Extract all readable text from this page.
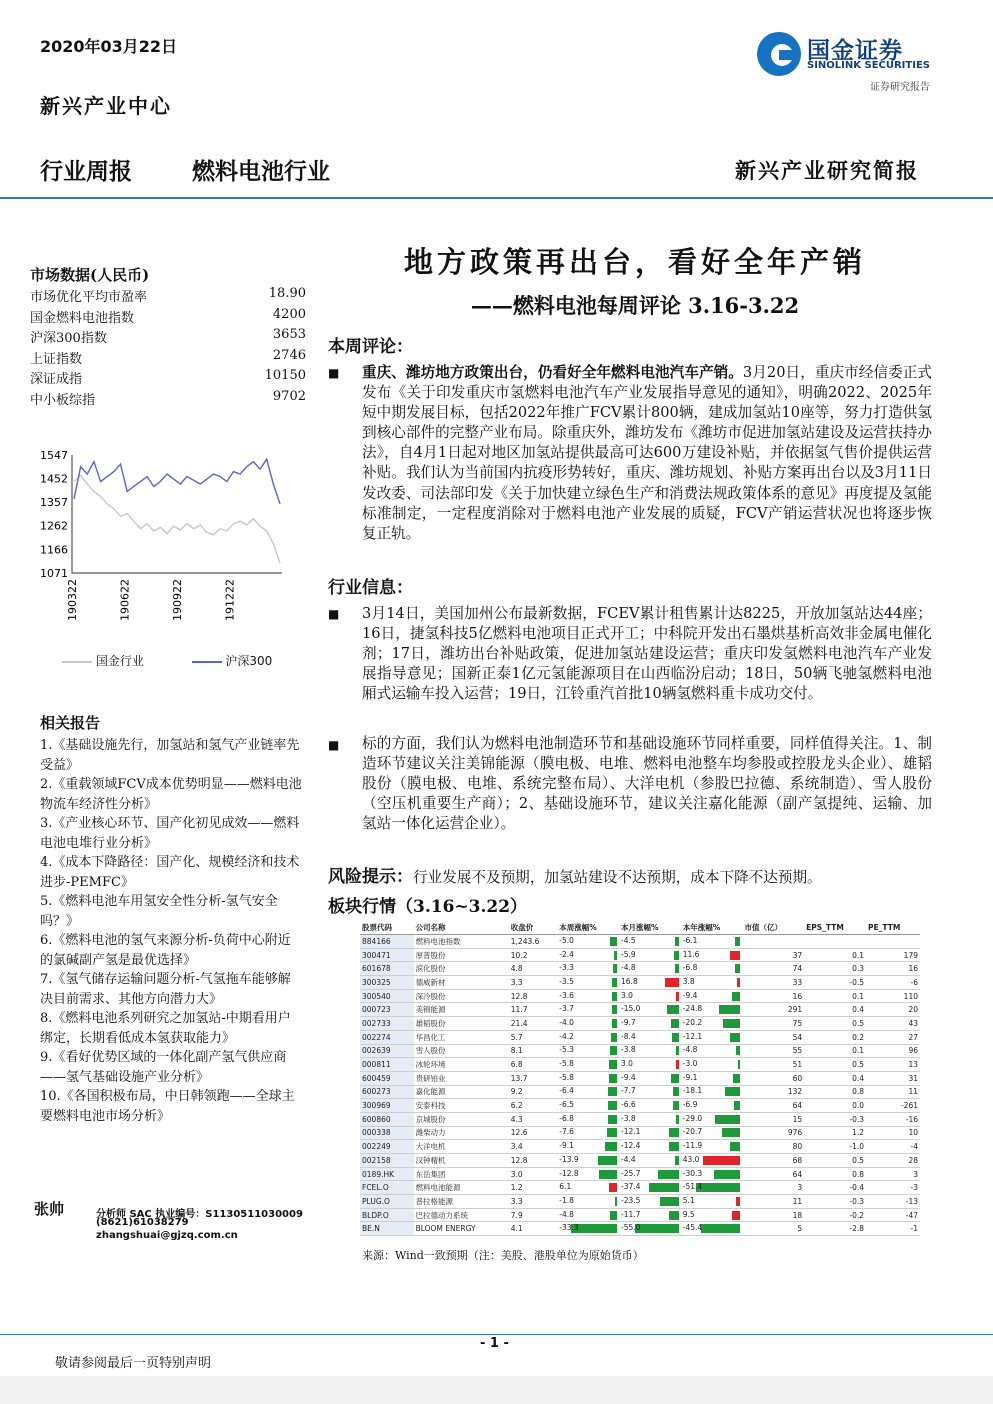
2020年03月22日
新兴产业中心
国金证券
SINOLINK SECURITIES
证券研究报告
行业周报	燃料电池行业	新兴产业研究简报
市场数据(人民币)
市场优化平均市盈率	18.90
国金燃料电池指数	4200
沪深300指数	3653
上证指数	2746
深证成指	10150
中小板综指	9702
1547
1452
1357
1262
1166
1071
190322	190622	190922	191222
国金行业	沪深300
相关报告
1.《基础设施先行，加氢站和氢气产业链率先受益》
2.《重载领域FCV成本优势明显——燃料电池物流车经济性分析》
3.《产业核心环节、国产化初见成效——燃料电池电堆行业分析》
4.《成本下降路径：国产化、规模经济和技术进步-PEMFC》
5.《燃料电池车用氢安全性分析-氢气安全吗？》
6.《燃料电池的氢气来源分析-负荷中心附近的氯碱副产氢是最优选择》
7.《氢气储存运输问题分析-气氢拖车能够解决目前需求、其他方向潜力大》
8.《燃料电池系列研究之加氢站-中期看用户绑定，长期看低成本氢获取能力》
9.《看好优势区域的一体化副产氢气供应商——氢气基础设施产业分析》
10.《各国积极布局，中日韩领跑——全球主要燃料电池市场分析》
张帅	分析师 SAC 执业编号：S1130511030009
(8621)61038279
zhangshuai@gjzq.com.cn
地方政策再出台，看好全年产销
——燃料电池每周评论 3.16-3.22
本周评论：
■ 重庆、潍坊地方政策出台，仍看好全年燃料电池汽车产销。3月20日，重庆市经信委正式发布《关于印发重庆市氢燃料电池汽车产业发展指导意见的通知》，明确2022、2025年短中期发展目标，包括2022年推广FCV累计800辆，建成加氢站10座等，努力打造供氢到核心部件的完整产业布局。除重庆外，潍坊发布《潍坊市促进加氢站建设及运营扶持办法》，自4月1日起对地区加氢站提供最高可达600万建设补贴，并依据氢气售价提供运营补贴。我们认为当前国内抗疫形势转好，重庆、潍坊规划、补贴方案再出台以及3月11日发改委、司法部印发《关于加快建立绿色生产和消费法规政策体系的意见》再度提及氢能标准制定，一定程度消除对于燃料电池产业发展的质疑，FCV产销运营状况也将逐步恢复正轨。
行业信息：
■ 3月14日，美国加州公布最新数据，FCEV累计租售累计达8225，开放加氢站达44座；16日，捷氢科技5亿燃料电池项目正式开工；中科院开发出石墨烘基析高效非金属电催化剂；17日，潍坊出台补贴政策，促进加氢站建设运营；重庆印发氢燃料电池汽车产业发展指导意见；国新正泰1亿元氢能源项目在山西临汾启动；18日，50辆飞驰氢燃料电池厢式运输车投入运营；19日，江铃重汽首批10辆氢燃料重卡成功交付。
■ 标的方面，我们认为燃料电池制造环节和基础设施环节同样重要，同样值得关注。1、制造环节建议关注美锦能源（膜电极、电堆、燃料电池整车均参股或控股龙头企业）、雄韬股份（膜电极、电堆、系统完整布局）、大洋电机（参股巴拉德、系统制造）、雪人股份（空压机重要生产商）；2、基础设施环节，建议关注嘉化能源（副产氢提纯、运输、加氢站一体化运营企业）。
风险提示：行业发展不及预期，加氢站建设不达预期，成本下降不达预期。
板块行情（3.16~3.22）
股票代码	公司名称	收盘价	本周涨幅%	本月涨幅%	本年涨幅%	市值（亿）	EPS_TTM	PE_TTM
884166	燃料电池指数	1,243.6	-5.0	-4.5	-6.1			

300471	厚普股份	10.2	-2.4	-5.9	11.6	37	0.1	179
601678	滨化股份	4.8	-3.3	-4.8	-6.8	74	0.3	16
300325	德威新材	3.3	-3.5	16.8	3.8	33	-0.5	-6
300540	深冷股份	12.8	-3.6	3.0	-9.4	16	0.1	110
000723	美锦能源	11.7	-3.7	-15.0	-24.8	291	0.4	20
002733	雄韬股份	21.4	-4.0	-9.7	-20.2	75	0.5	43
002274	华昌化工	5.7	-4.2	-8.4	-12.1	54	0.2	27
002639	雪人股份	8.1	-5.3	-3.8	-4.8	55	0.1	96
000811	冰轮环境	6.8	-5.8	3.0	-3.0	51	0.5	13
600459	贵研铂业	13.7	-5.8	-9.4	-9.1	60	0.4	31
600273	嘉化能源	9.2	-6.4	-7.7	-18.1	132	0.8	11
300969	安泰科技	6.2	-6.5	-6.6	-6.9	64	0.0	-261
600860	京城股份	4.3	-6.8	-3.8	-29.0	15	-0.3	-16
000338	潍柴动力	12.6	-7.6	-12.1	-20.7	976	1.2	10
002249	大洋电机	3.4	-9.1	-12.4	-11.9	80	-1.0	-4
002158	汉钟精机	12.8	-13.9	-4.4	43.0	68	0.5	28
0189.HK	东岳集团	3.0	-12.8	-25.7	-30.3	64	0.8	3
FCEL.O	燃料电池能源	1.2	6.1	-37.4	-51.4	3	-0.4	-3
PLUG.O	普拉格能源	3.3	-1.8	-23.5	5.1	11	-0.3	-13
BLDP.O	巴拉德动力系统	7.9	-4.8	-11.7	9.5	18	-0.2	-47
BE.N	BLOOM ENERGY	4.1	-33.3	-55.0	-45.4	5	-2.8	-1
来源：Wind一致预期（注：美股、港股单位为原始货币）
- 1 -
敬请参阅最后一页特别声明
